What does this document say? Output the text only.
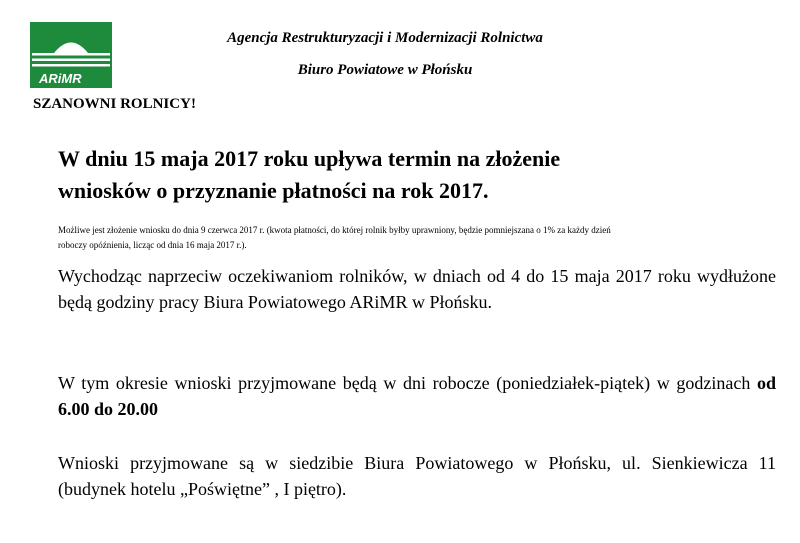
ARiMR
Agencja Restrukturyzacji i Modernizacji Rolnictwa
Biuro Powiatowe w Płońsku
SZANOWNI ROLNICY!
W dniu 15 maja 2017 roku upływa termin na złożenie
wniosków o przyznanie płatności na rok 2017.
Możliwe jest złożenie wniosku do dnia 9 czerwca 2017 r. (kwota płatności, do której rolnik byłby uprawniony, będzie pomniejszana o 1% za każdy dzień
roboczy opóźnienia, licząc od dnia 16 maja 2017 r.).
Wychodząc naprzeciw oczekiwaniom rolników, w dniach od 4 do 15 maja 2017 roku wydłużone będą godziny pracy Biura Powiatowego ARiMR w Płońsku.
W tym okresie wnioski przyjmowane będą w dni robocze (poniedziałek-piątek) w godzinach od 6.00 do 20.00
Wnioski przyjmowane są w siedzibie Biura Powiatowego w Płońsku, ul. Sienkiewicza 11 (budynek hotelu „Poświętne” , I piętro).
